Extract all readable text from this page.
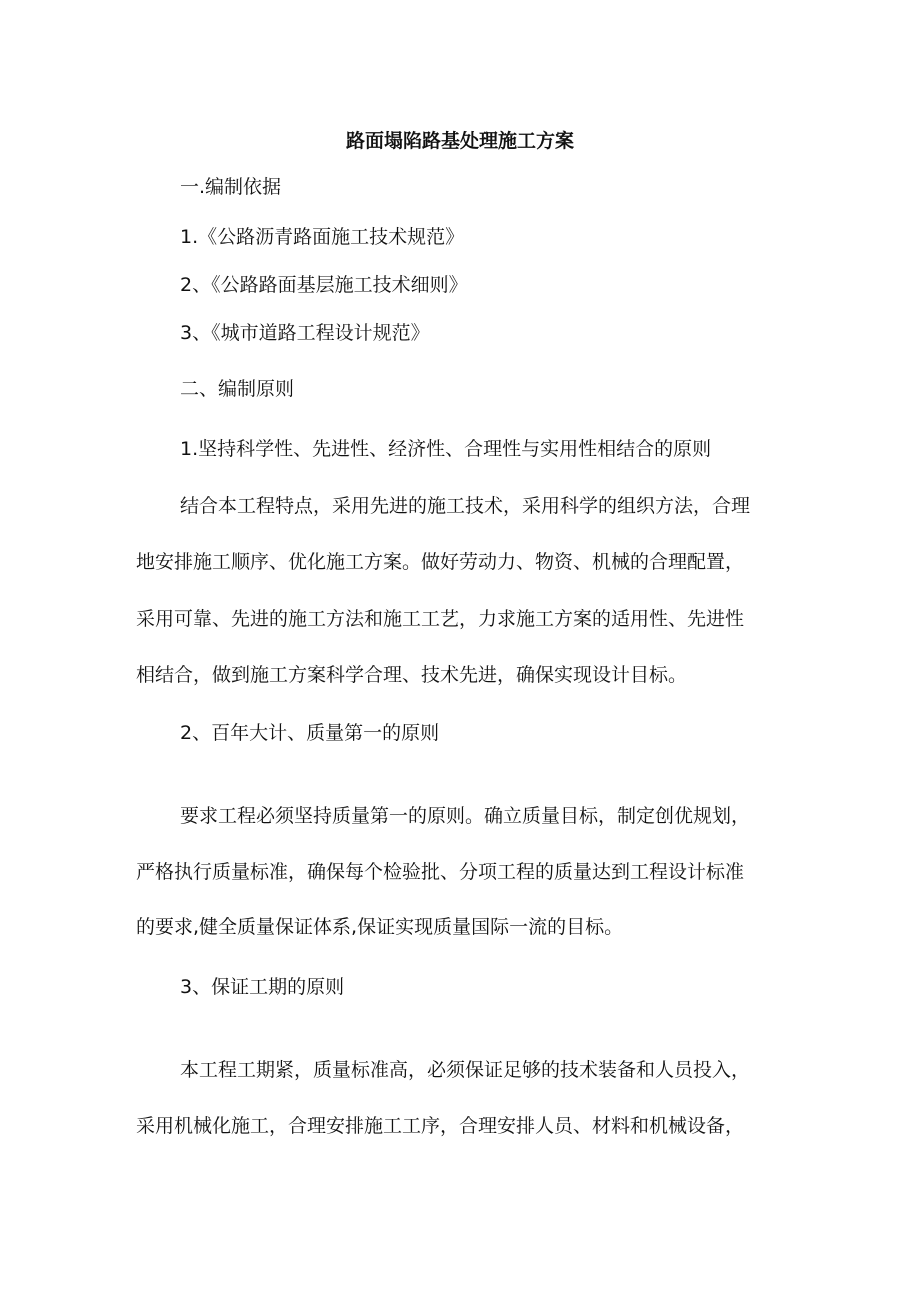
路面塌陷路基处理施工方案
一.编制依据
1.《公路沥青路面施工技术规范》
2、《公路路面基层施工技术细则》
3、《城市道路工程设计规范》
二、编制原则
1.坚持科学性、先进性、经济性、合理性与实用性相结合的原则
结合本工程特点，采用先进的施工技术，采用科学的组织方法，合理
地安排施工顺序、优化施工方案。做好劳动力、物资、机械的合理配置，
采用可靠、先进的施工方法和施工工艺，力求施工方案的适用性、先进性
相结合，做到施工方案科学合理、技术先进，确保实现设计目标。
2、百年大计、质量第一的原则
要求工程必须坚持质量第一的原则。确立质量目标，制定创优规划，
严格执行质量标准，确保每个检验批、分项工程的质量达到工程设计标准
的要求,健全质量保证体系,保证实现质量国际一流的目标。
3、保证工期的原则
本工程工期紧，质量标准高，必须保证足够的技术装备和人员投入，
采用机械化施工，合理安排施工工序，合理安排人员、材料和机械设备，
